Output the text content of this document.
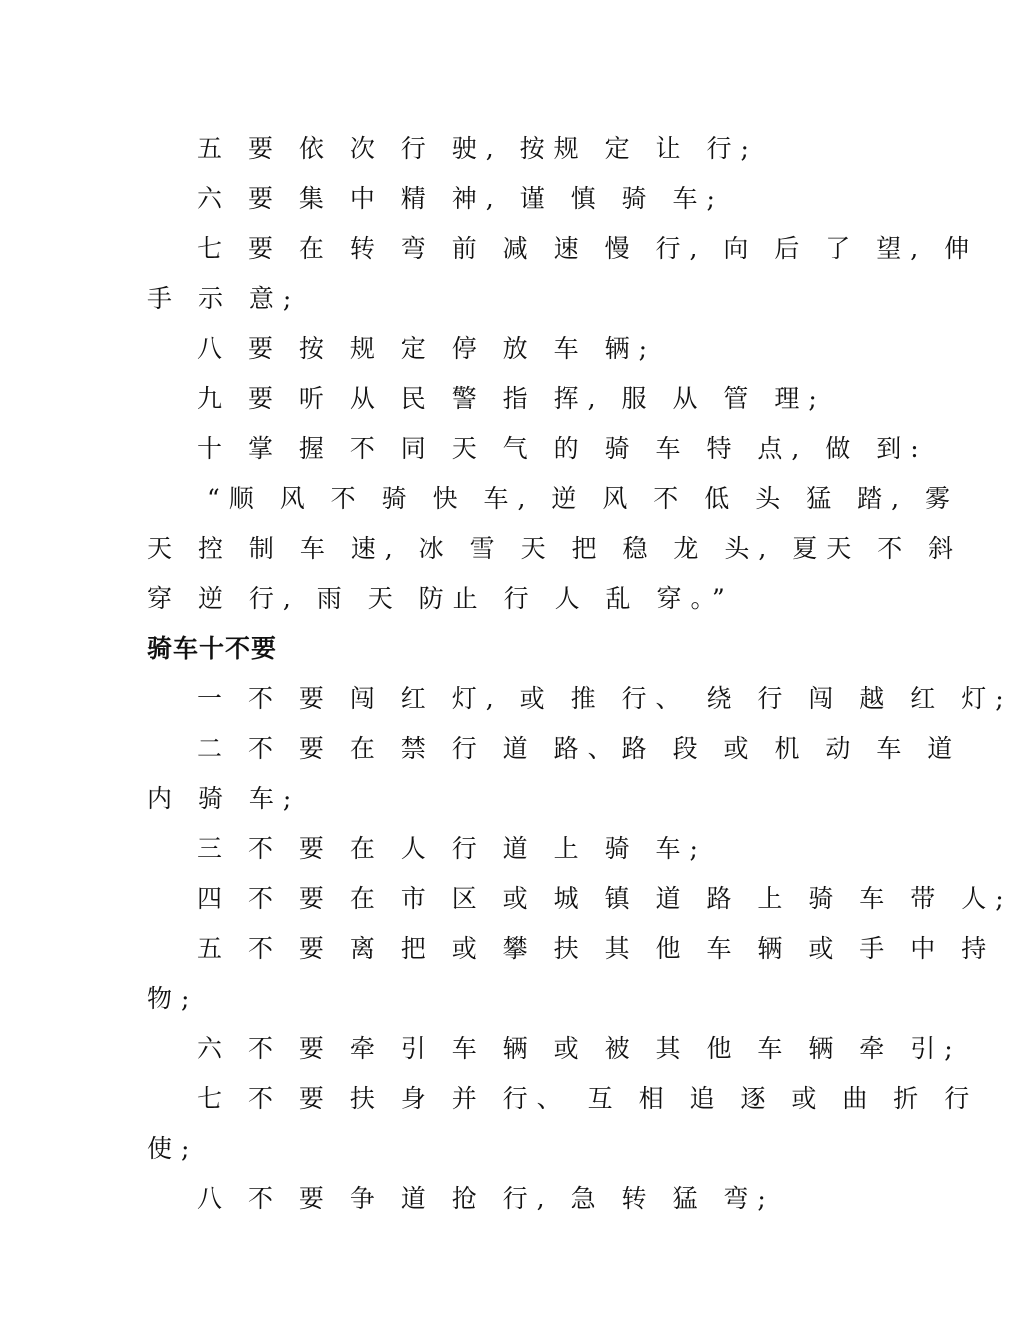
五 要 依 次 行 驶, 按规 定 让 行;
六 要 集 中 精 神, 谨 慎 骑 车;
七 要 在 转 弯 前 减 速 慢 行, 向 后 了 望, 伸
手 示 意;
八 要 按 规 定 停 放 车 辆;
九 要 听 从 民 警 指 挥, 服 从 管 理;
十 掌 握 不 同 天 气 的 骑 车 特 点, 做 到:
“顺 风 不 骑 快 车, 逆 风 不 低 头 猛 踏, 雾
天 控 制 车 速, 冰 雪 天 把 稳 龙 头, 夏天 不 斜
穿 逆 行, 雨 天 防止 行 人 乱 穿。”
骑车十不要
一 不 要 闯 红 灯, 或 推 行、 绕 行 闯 越 红 灯;
二 不 要 在 禁 行 道 路、路 段 或 机 动 车 道
内 骑 车;
三 不 要 在 人 行 道 上 骑 车;
四 不 要 在 市 区 或 城 镇 道 路 上 骑 车 带 人;
五 不 要 离 把 或 攀 扶 其 他 车 辆 或 手 中 持
物;
六 不 要 牵 引 车 辆 或 被 其 他 车 辆 牵 引;
七 不 要 扶 身 并 行、 互 相 追 逐 或 曲 折 行
使;
八 不 要 争 道 抢 行, 急 转 猛 弯;
